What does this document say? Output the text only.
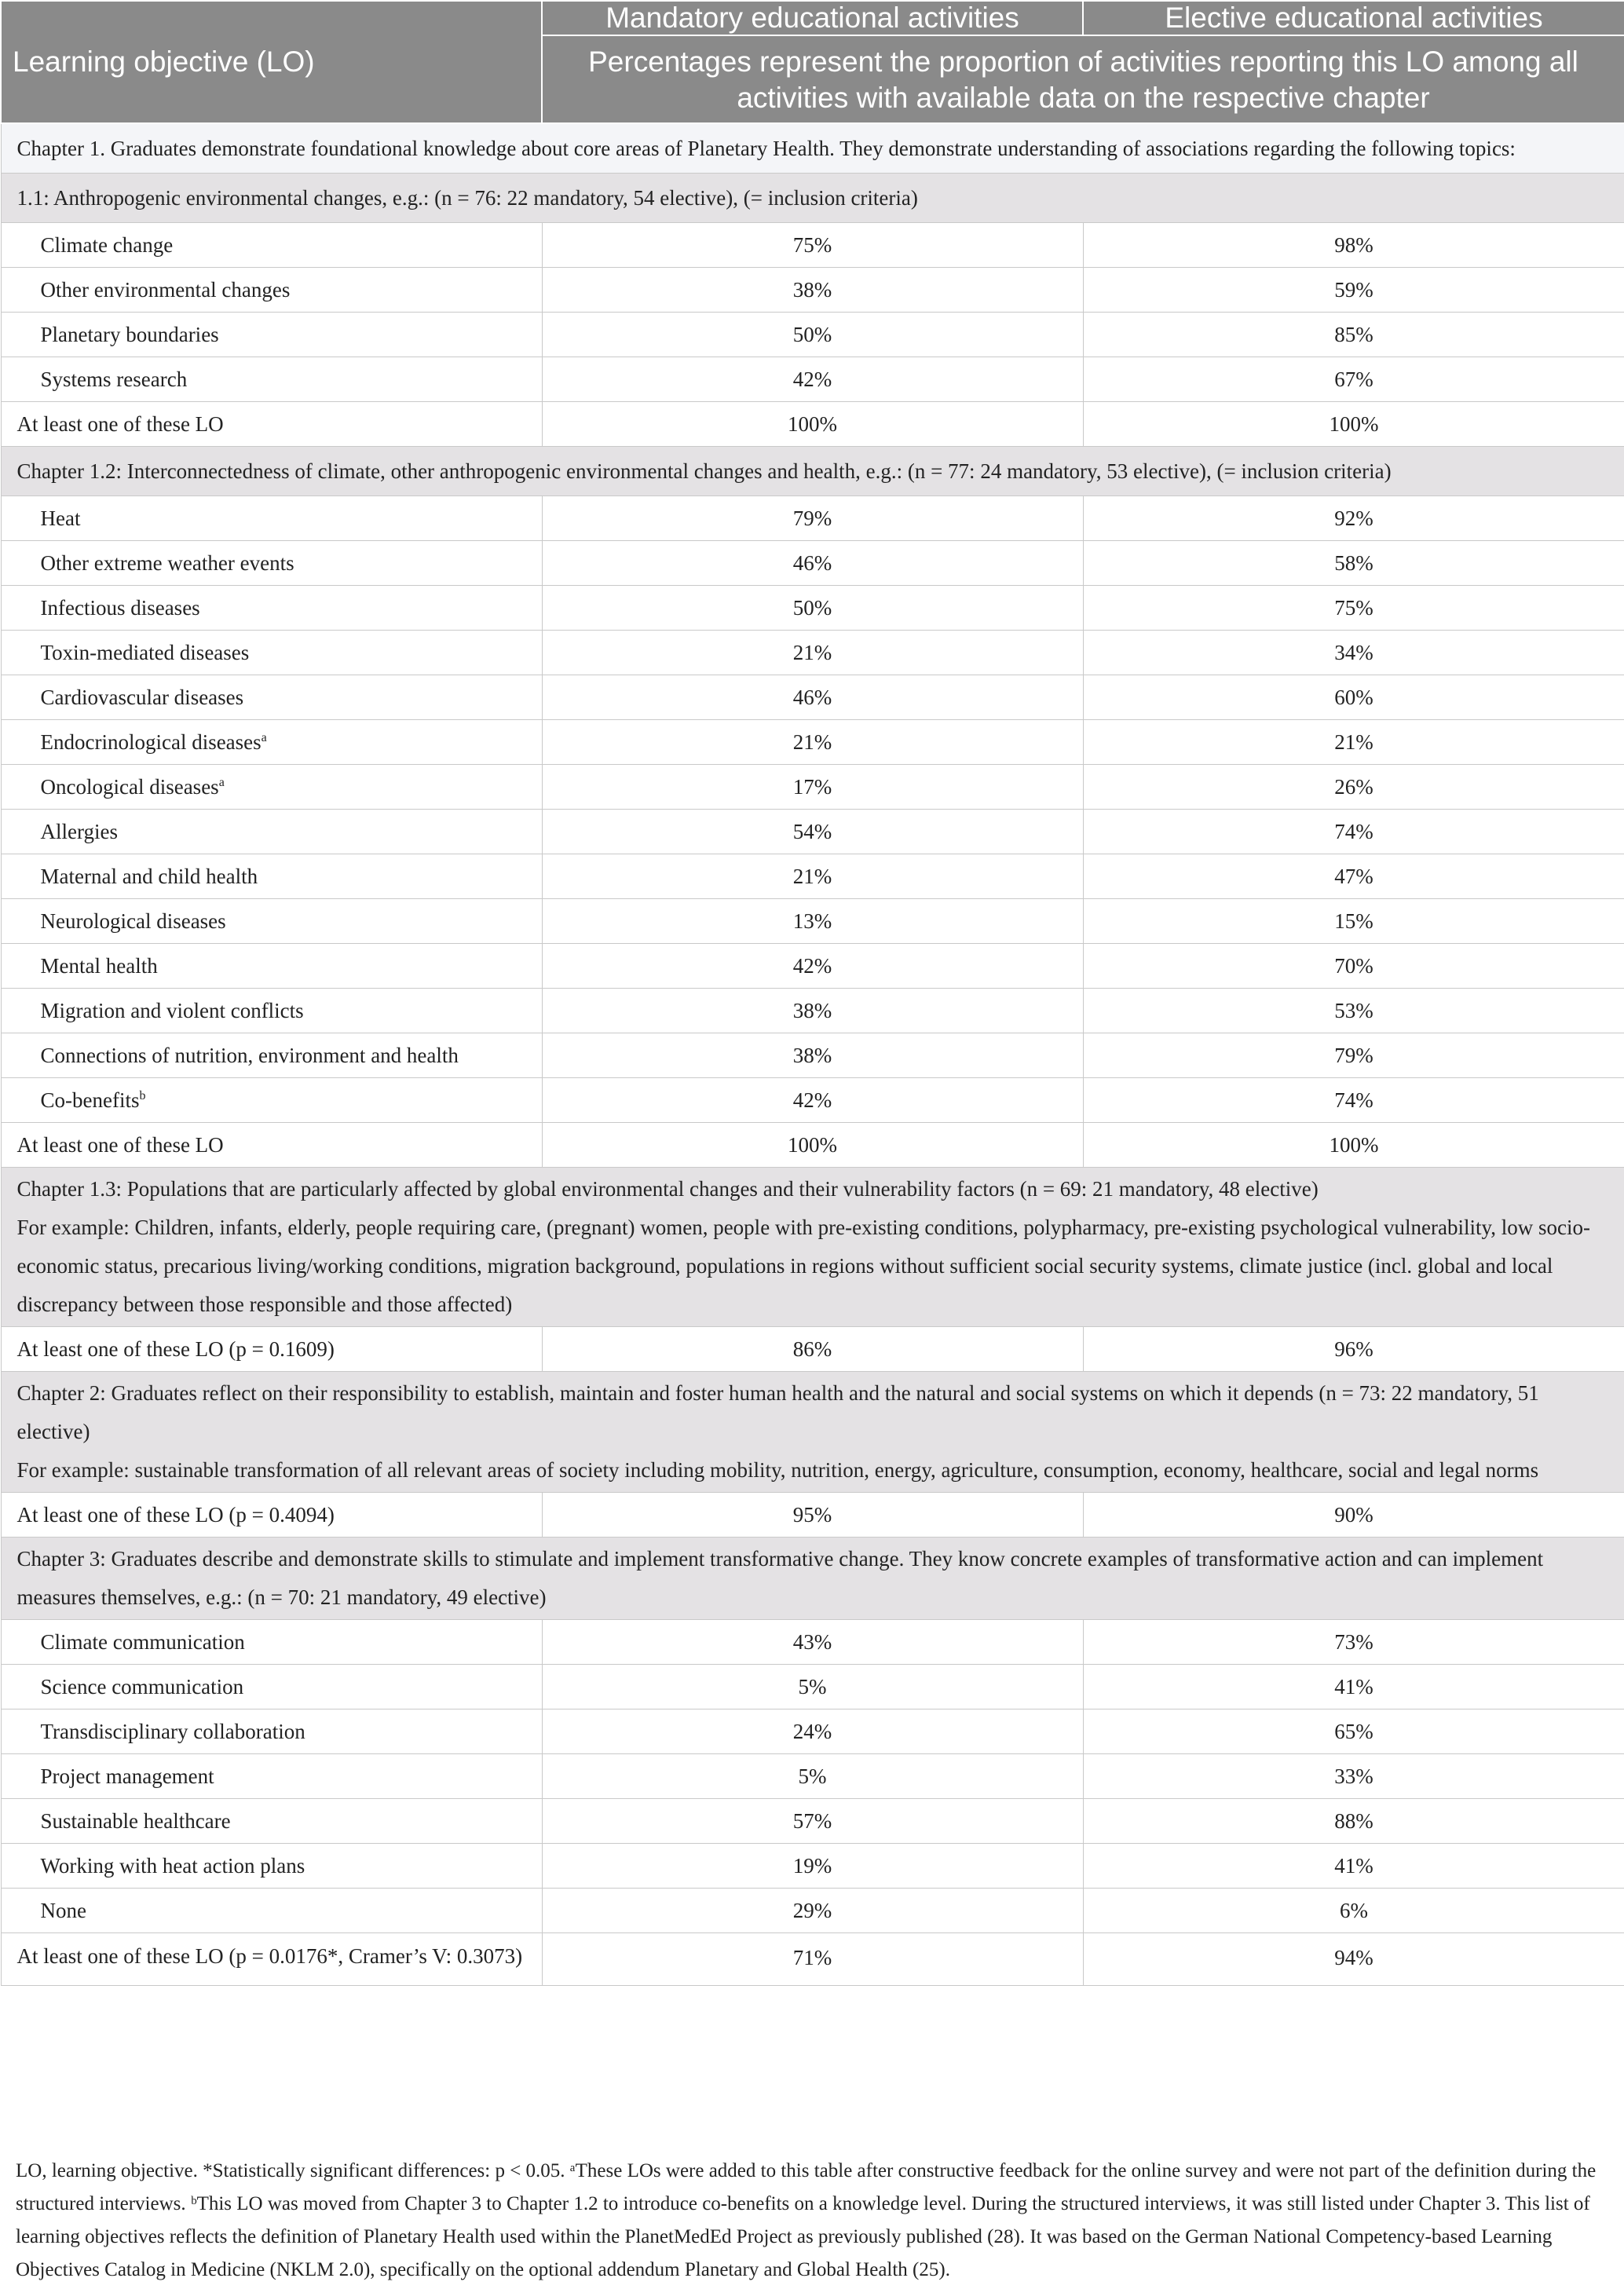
Learning objective (LO)	Mandatory educational activities	Elective educational activities
	Percentages represent the proportion of activities reporting this LO among all activities with available data on the respective chapter	

Chapter 1. Graduates demonstrate foundational knowledge about core areas of Planetary Health. They demonstrate understanding of associations regarding the following topics:		

1.1: Anthropogenic environmental changes, e.g.: (n = 76: 22 mandatory, 54 elective), (= inclusion criteria)		

Climate change	75%	98%
Other environmental changes	38%	59%
Planetary boundaries	50%	85%
Systems research	42%	67%
At least one of these LO	100%	100%

Chapter 1.2: Interconnectedness of climate, other anthropogenic environmental changes and health, e.g.: (n = 77: 24 mandatory, 53 elective), (= inclusion criteria)		

Heat	79%	92%
Other extreme weather events	46%	58%
Infectious diseases	50%	75%
Toxin-mediated diseases	21%	34%
Cardiovascular diseases	46%	60%
Endocrinological diseases$^a$	21%	21%
Oncological diseases$^a$	17%	26%
Allergies	54%	74%
Maternal and child health	21%	47%
Neurological diseases	13%	15%
Mental health	42%	70%
Migration and violent conflicts	38%	53%
Connections of nutrition, environment and health	38%	79%
Co-benefits$^b$	42%	74%
At least one of these LO	100%	100%

Chapter 1.3: Populations that are particularly affected by global environmental changes and their vulnerability factors (n = 69: 21 mandatory, 48 elective)
For example: Children, infants, elderly, people requiring care, (pregnant) women, people with pre-existing conditions, polypharmacy, pre-existing psychological vulnerability, low socio-economic status, precarious living/working conditions, migration background, populations in regions without sufficient social security systems, climate justice (incl. global and local discrepancy between those responsible and those affected)		

At least one of these LO (p = 0.1609)	86%	96%

Chapter 2: Graduates reflect on their responsibility to establish, maintain and foster human health and the natural and social systems on which it depends (n = 73: 22 mandatory, 51 elective)
For example: sustainable transformation of all relevant areas of society including mobility, nutrition, energy, agriculture, consumption, economy, healthcare, social and legal norms		

At least one of these LO (p = 0.4094)	95%	90%

Chapter 3: Graduates describe and demonstrate skills to stimulate and implement transformative change. They know concrete examples of transformative action and can implement measures themselves, e.g.: (n = 70: 21 mandatory, 49 elective)		

Climate communication	43%	73%
Science communication	5%	41%
Transdisciplinary collaboration	24%	65%
Project management	5%	33%
Sustainable healthcare	57%	88%
Working with heat action plans	19%	41%
None	29%	6%
At least one of these LO (p = 0.0176*, Cramer’s V: 0.3073)	71%	94%
LO, learning objective. *Statistically significant differences: p < 0.05. ᵃThese LOs were added to this table after constructive feedback for the online survey and were not part of the definition during the structured interviews. ᵇThis LO was moved from Chapter 3 to Chapter 1.2 to introduce co-benefits on a knowledge level. During the structured interviews, it was still listed under Chapter 3. This list of learning objectives reflects the definition of Planetary Health used within the PlanetMedEd Project as previously published (28). It was based on the German National Competency-based Learning Objectives Catalog in Medicine (NKLM 2.0), specifically on the optional addendum Planetary and Global Health (25).
